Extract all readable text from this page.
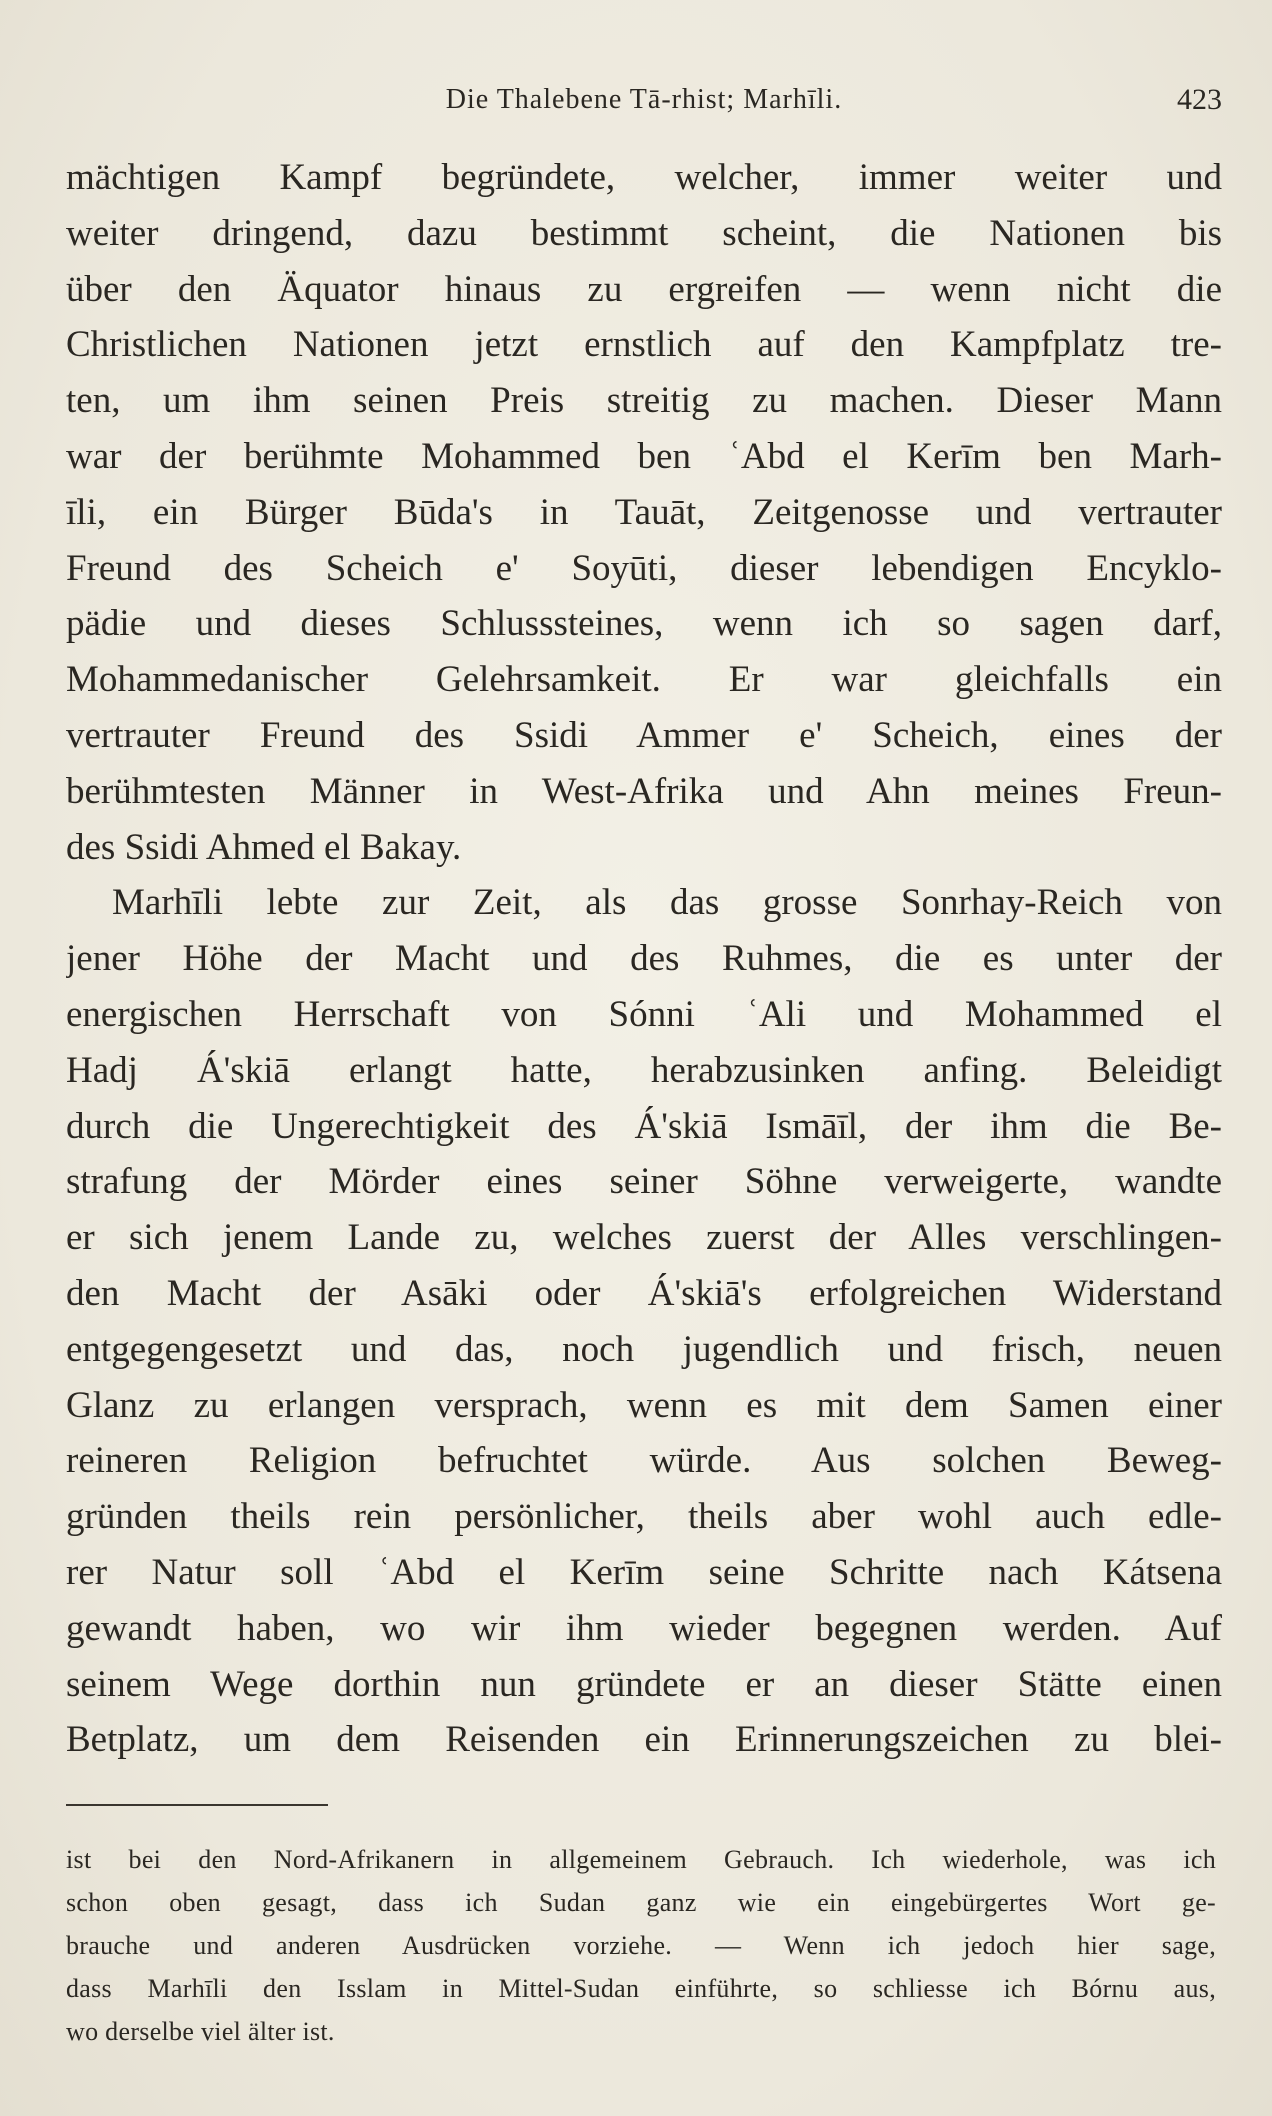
Die Thalebene Tā-rhist; Marhīli.	423
mächtigen Kampf begründete, welcher, immer weiter und
weiter dringend, dazu bestimmt scheint, die Nationen bis
über den Äquator hinaus zu ergreifen — wenn nicht die
Christlichen Nationen jetzt ernstlich auf den Kampfplatz tre-
ten, um ihm seinen Preis streitig zu machen. Dieser Mann
war der berühmte Mohammed ben ʿAbd el Kerīm ben Marh-
īli, ein Bürger Būda's in Tauāt, Zeitgenosse und vertrauter
Freund des Scheich e' Soyūti, dieser lebendigen Encyklo-
pädie und dieses Schlusssteines, wenn ich so sagen darf,
Mohammedanischer Gelehrsamkeit. Er war gleichfalls ein
vertrauter Freund des Ssidi Ammer e' Scheich, eines der
berühmtesten Männer in West-Afrika und Ahn meines Freun-
des Ssidi Ahmed el Bakay.
Marhīli lebte zur Zeit, als das grosse Sonrhay-Reich von
jener Höhe der Macht und des Ruhmes, die es unter der
energischen Herrschaft von Sónni ʿAli und Mohammed el
Hadj Á'skiā erlangt hatte, herabzusinken anfing. Beleidigt
durch die Ungerechtigkeit des Á'skiā Ismāīl, der ihm die Be-
strafung der Mörder eines seiner Söhne verweigerte, wandte
er sich jenem Lande zu, welches zuerst der Alles verschlingen-
den Macht der Asāki oder Á'skiā's erfolgreichen Widerstand
entgegengesetzt und das, noch jugendlich und frisch, neuen
Glanz zu erlangen versprach, wenn es mit dem Samen einer
reineren Religion befruchtet würde. Aus solchen Beweg-
gründen theils rein persönlicher, theils aber wohl auch edle-
rer Natur soll ʿAbd el Kerīm seine Schritte nach Kátsena
gewandt haben, wo wir ihm wieder begegnen werden. Auf
seinem Wege dorthin nun gründete er an dieser Stätte einen
Betplatz, um dem Reisenden ein Erinnerungszeichen zu blei-
ist bei den Nord-Afrikanern in allgemeinem Gebrauch. Ich wiederhole, was ich
schon oben gesagt, dass ich Sudan ganz wie ein eingebürgertes Wort ge-
brauche und anderen Ausdrücken vorziehe. — Wenn ich jedoch hier sage,
dass Marhīli den Isslam in Mittel-Sudan einführte, so schliesse ich Bórnu aus,
wo derselbe viel älter ist.
